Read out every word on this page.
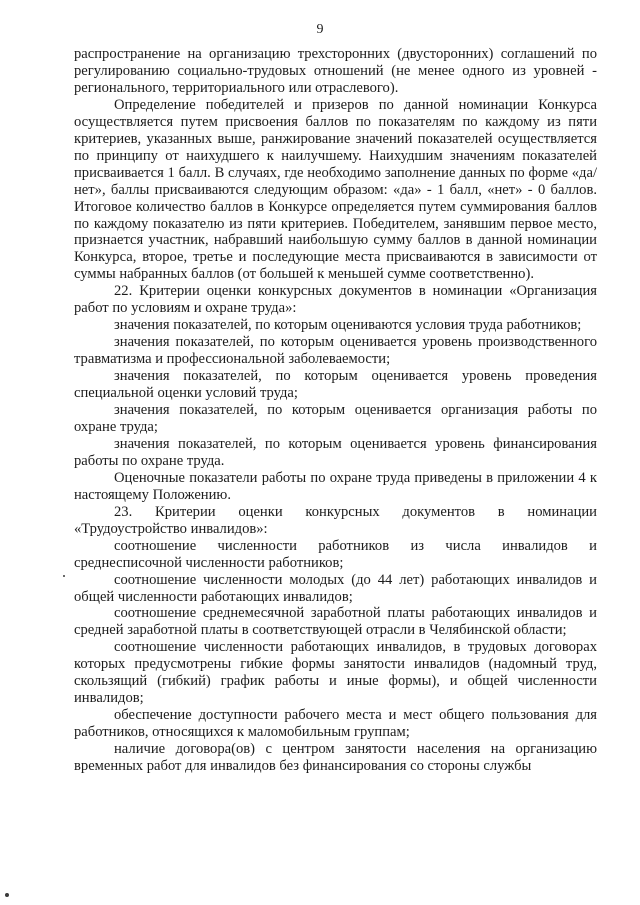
9

распространение на организацию трехсторонних (двусторонних) соглашений по регулированию социально-трудовых отношений (не менее одного из уровней - регионального, территориального или отраслевого).

Определение победителей и призеров по данной номинации Конкурса осуществляется путем присвоения баллов по показателям по каждому из пяти критериев, указанных выше, ранжирование значений показателей осуществляется по принципу от наихудшего к наилучшему. Наихудшим значениям показателей присваивается 1 балл. В случаях, где необходимо заполнение данных по форме «да/нет», баллы присваиваются следующим образом: «да» - 1 балл, «нет» - 0 баллов. Итоговое количество баллов в Конкурсе определяется путем суммирования баллов по каждому показателю из пяти критериев. Победителем, занявшим первое место, признается участник, набравший наибольшую сумму баллов в данной номинации Конкурса, второе, третье и последующие места присваиваются в зависимости от суммы набранных баллов (от большей к меньшей сумме соответственно).

22. Критерии оценки конкурсных документов в номинации «Организация работ по условиям и охране труда»:

значения показателей, по которым оцениваются условия труда работников;

значения показателей, по которым оценивается уровень производственного травматизма и профессиональной заболеваемости;

значения показателей, по которым оценивается уровень проведения специальной оценки условий труда;

значения показателей, по которым оценивается организация работы по охране труда;

значения показателей, по которым оценивается уровень финансирования работы по охране труда.

Оценочные показатели работы по охране труда приведены в приложении 4 к настоящему Положению.

23. Критерии оценки конкурсных документов в номинации «Трудоустройство инвалидов»:

соотношение численности работников из числа инвалидов и среднесписочной численности работников;

соотношение численности молодых (до 44 лет) работающих инвалидов и общей численности работающих инвалидов;

соотношение среднемесячной заработной платы работающих инвалидов и средней заработной платы в соответствующей отрасли в Челябинской области;

соотношение численности работающих инвалидов, в трудовых договорах которых предусмотрены гибкие формы занятости инвалидов (надомный труд, скользящий (гибкий) график работы и иные формы), и общей численности инвалидов;

обеспечение доступности рабочего места и мест общего пользования для работников, относящихся к маломобильным группам;

наличие договора(ов) с центром занятости населения на организацию временных работ для инвалидов без финансирования со стороны службы
